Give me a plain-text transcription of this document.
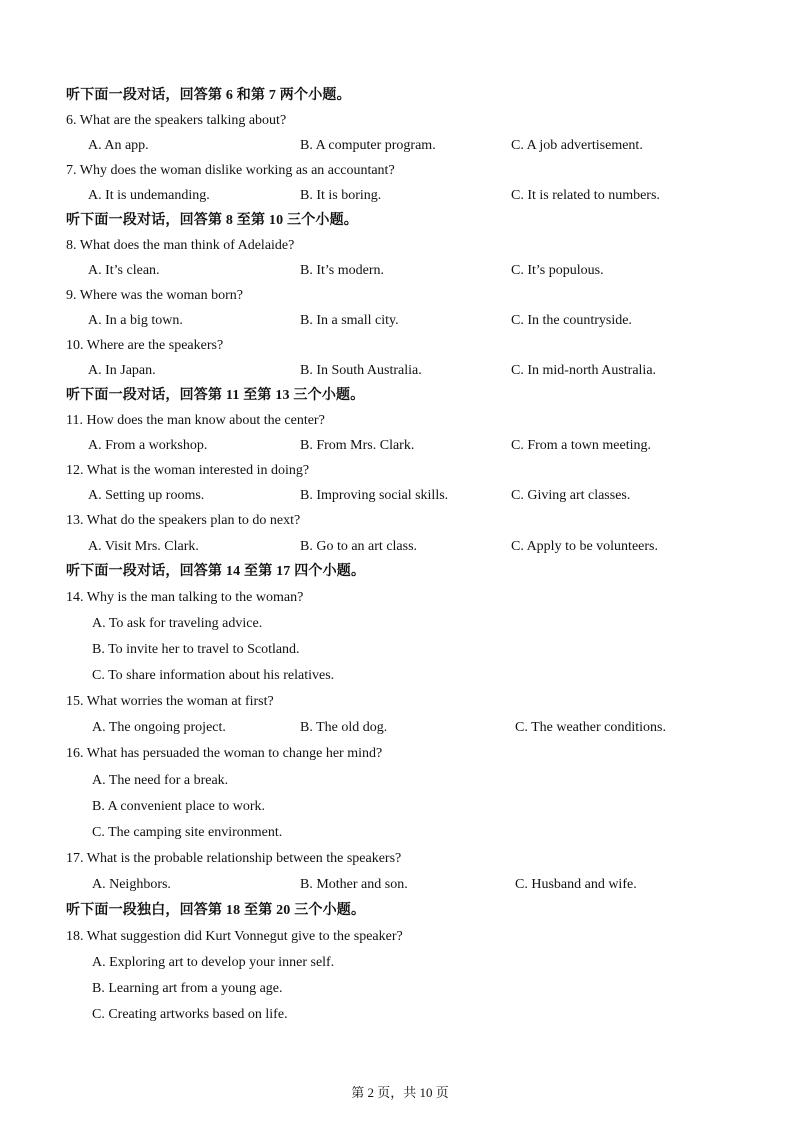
听下面一段对话，回答第 6 和第 7 两个小题。
6. What are the speakers talking about?
A. An app.	B. A computer program.	C. A job advertisement.
7. Why does the woman dislike working as an accountant?
A. It is undemanding.	B. It is boring.	C. It is related to numbers.
听下面一段对话，回答第 8 至第 10 三个小题。
8. What does the man think of Adelaide?
A. It’s clean.	B. It’s modern.	C. It’s populous.
9. Where was the woman born?
A. In a big town.	B. In a small city.	C. In the countryside.
10. Where are the speakers?
A. In Japan.	B. In South Australia.	C. In mid-north Australia.
听下面一段对话，回答第 11 至第 13 三个小题。
11. How does the man know about the center?
A. From a workshop.	B. From Mrs. Clark.	C. From a town meeting.
12. What is the woman interested in doing?
A. Setting up rooms.	B. Improving social skills.	C. Giving art classes.
13. What do the speakers plan to do next?
A. Visit Mrs. Clark.	B. Go to an art class.	C. Apply to be volunteers.
听下面一段对话，回答第 14 至第 17 四个小题。
14. Why is the man talking to the woman?
A. To ask for traveling advice.
B. To invite her to travel to Scotland.
C. To share information about his relatives.
15. What worries the woman at first?
A. The ongoing project.	B. The old dog.	C. The weather conditions.
16. What has persuaded the woman to change her mind?
A. The need for a break.
B. A convenient place to work.
C. The camping site environment.
17. What is the probable relationship between the speakers?
A. Neighbors.	B. Mother and son.	C. Husband and wife.
听下面一段独白，回答第 18 至第 20 三个小题。
18. What suggestion did Kurt Vonnegut give to the speaker?
A. Exploring art to develop your inner self.
B. Learning art from a young age.
C. Creating artworks based on life.
第 2 页，共 10 页
